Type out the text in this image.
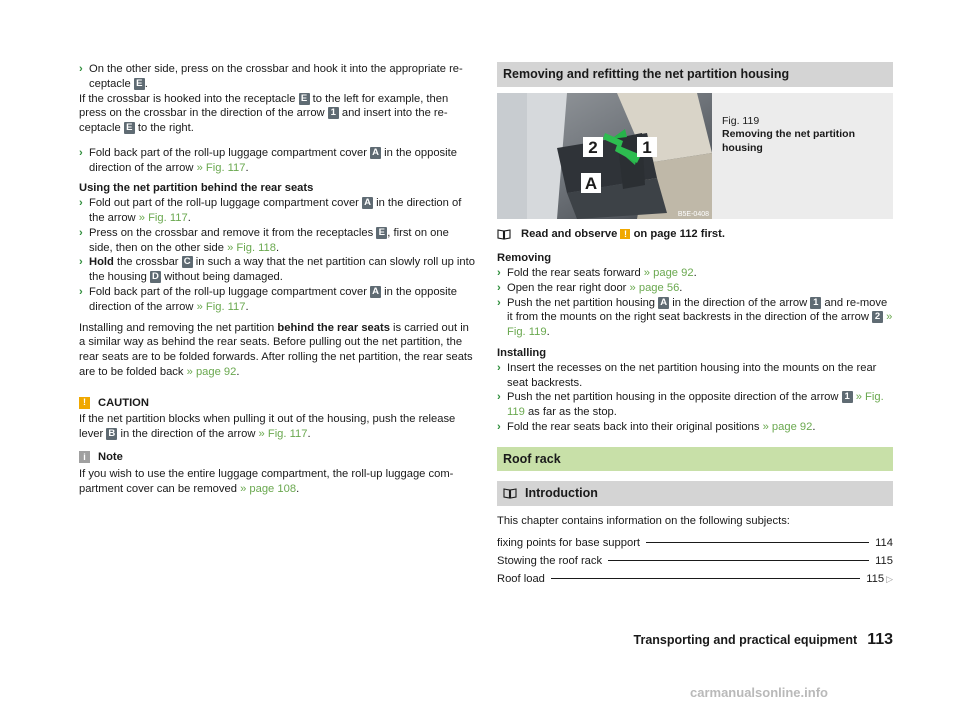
› On the other side, press on the crossbar and hook it into the appropriate re-ceptacle E .

If the crossbar is hooked into the receptacle E to the left for example, then press on the crossbar in the direction of the arrow 1 and insert into the re-ceptacle E to the right.

› Fold back part of the roll-up luggage compartment cover A in the opposite direction of the arrow » Fig. 117.

Using the net partition behind the rear seats

› Fold out part of the roll-up luggage compartment cover A in the direction of the arrow » Fig. 117.

› Press on the crossbar and remove it from the receptacles E , first on one side, then on the other side » Fig. 118.

› Hold the crossbar C in such a way that the net partition can slowly roll up into the housing D without being damaged.

› Fold back part of the roll-up luggage compartment cover A in the opposite direction of the arrow » Fig. 117.

Installing and removing the net partition behind the rear seats is carried out in a similar way as behind the rear seats. Before pulling out the net partition, the rear seats are to be folded forwards. After rolling the net partition, the rear seats are to be folded back » page 92.

!	CAUTION

If the net partition blocks when pulling it out of the housing, push the release lever B in the direction of the arrow » Fig. 117.

i	Note

If you wish to use the entire luggage compartment, the roll-up luggage com-partment cover can be removed » page 108.

Removing and refitting the net partition housing
2	1
A
B5E-0408
Fig. 119
Removing the net partition housing
Read and observe ! on page 112 first.

Removing

› Fold the rear seats forward » page 92.

› Open the rear right door » page 56.

› Push the net partition housing A in the direction of the arrow 1 and re-move it from the mounts on the right seat backrests in the direction of the arrow 2 » Fig. 119.

Installing

› Insert the recesses on the net partition housing into the mounts on the rear seat backrests.

› Push the net partition housing in the opposite direction of the arrow 1 » Fig. 119 as far as the stop.

› Fold the rear seats back into their original positions » page 92.

Roof rack
Introduction

This chapter contains information on the following subjects:

fixing points for base support	114
Stowing the roof rack	115
Roof load	115 ▷
Transporting and practical equipment 113
carmanualsonline.info
